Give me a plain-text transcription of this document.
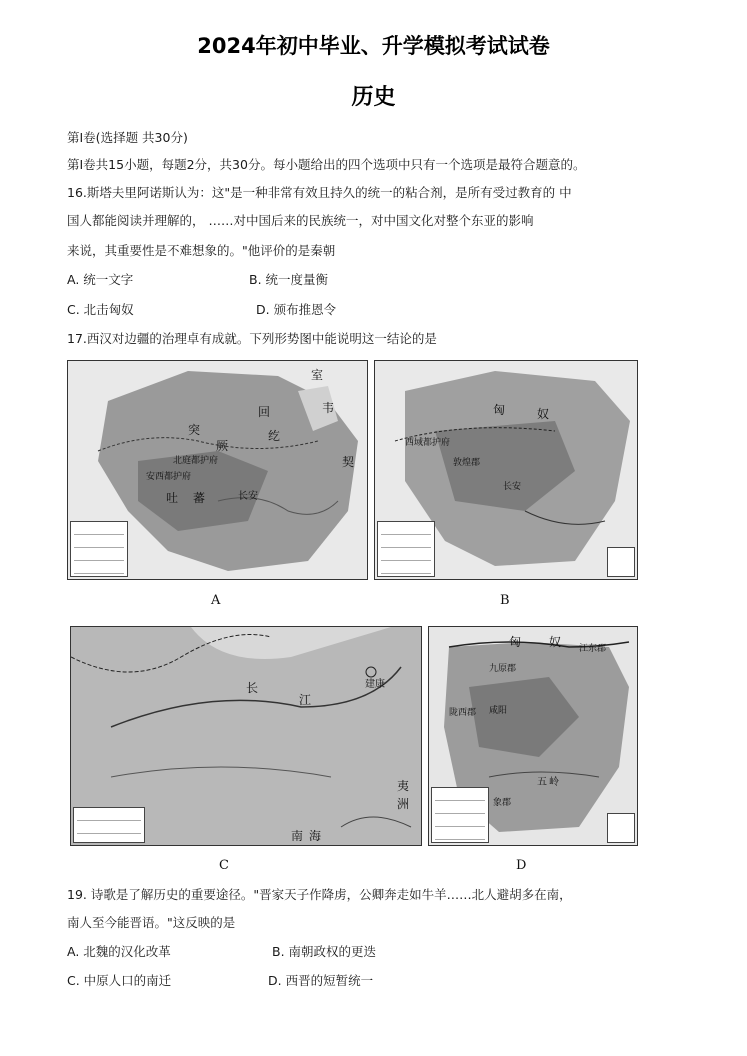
2024年初中毕业、升学模拟考试试卷
历史
第Ⅰ卷(选择题 共30分)
第Ⅰ卷共15小题，每题2分，共30分。每小题给出的四个选项中只有一个选项是最符合题意的。
16.斯塔夫里阿诺斯认为：这"是一种非常有效且持久的统一的粘合剂，是所有受过教育的 中
国人都能阅读并理解的， ……对中国后来的民族统一，对中国文化对整个东亚的影响
来说，其重要性是不难想象的。"他评价的是秦朝
A. 统一文字	B. 统一度量衡
C. 北击匈奴	D. 颁布推恩令
17.西汉对边疆的治理卓有成就。下列形势图中能说明这一结论的是
室
韦
回
纥
突
厥
契
北庭都护府
安西都护府
吐 蕃	长安
A
匈	奴
西域都护府
敦煌郡
长安
B
长
江
建康
南 海
夷
洲
C
匈 奴
九原郡
陇西郡 咸阳
江东郡
象郡
五 岭
D
19. 诗歌是了解历史的重要途径。"晋家天子作降虏，公卿奔走如牛羊……北人避胡多在南，
南人至今能晋语。"这反映的是
A. 北魏的汉化改革	B. 南朝政权的更迭
C. 中原人口的南迁	D. 西晋的短暂统一
